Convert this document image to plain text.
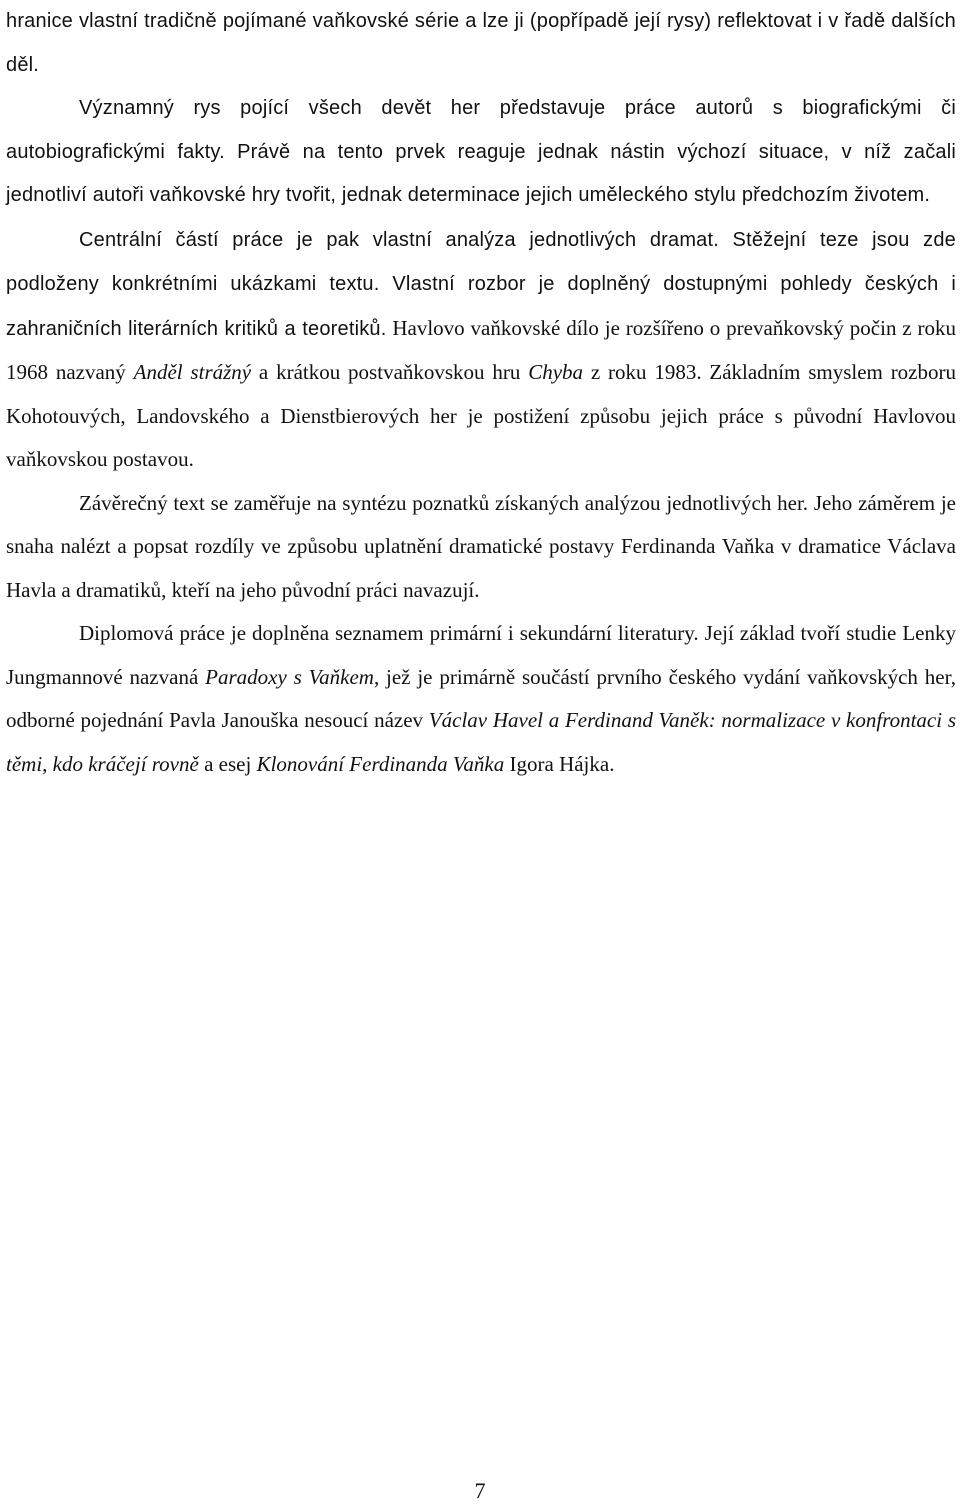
hranice vlastní tradičně pojímané vaňkovské série a lze ji (popřípadě její rysy) reflektovat i v řadě dalších děl.

Významný rys pojící všech devět her představuje práce autorů s biografickými či autobiografickými fakty. Právě na tento prvek reaguje jednak nástin výchozí situace, v níž začali jednotliví autoři vaňkovské hry tvořit, jednak determinace jejich uměleckého stylu předchozím životem.

Centrální částí práce je pak vlastní analýza jednotlivých dramat. Stěžejní teze jsou zde podloženy konkrétními ukázkami textu. Vlastní rozbor je doplněný dostupnými pohledy českých i zahraničních literárních kritiků a teoretiků. Havlovo vaňkovské dílo je rozšířeno o prevaňkovský počin z roku 1968 nazvaný Anděl strážný a krátkou postvaňkovskou hru Chyba z roku 1983. Základním smyslem rozboru Kohotouvých, Landovského a Dienstbierových her je postižení způsobu jejich práce s původní Havlovou vaňkovskou postavou.

Závěrečný text se zaměřuje na syntézu poznatků získaných analýzou jednotlivých her. Jeho záměrem je snaha nalézt a popsat rozdíly ve způsobu uplatnění dramatické postavy Ferdinanda Vaňka v dramatice Václava Havla a dramatiků, kteří na jeho původní práci navazují.

Diplomová práce je doplněna seznamem primární i sekundární literatury. Její základ tvoří studie Lenky Jungmannové nazvaná Paradoxy s Vaňkem, jež je primárně součástí prvního českého vydání vaňkovských her, odborné pojednání Pavla Janouška nesoucí název Václav Havel a Ferdinand Vaněk: normalizace v konfrontaci s těmi, kdo kráčejí rovně a esej Klonování Ferdinanda Vaňka Igora Hájka.

7
